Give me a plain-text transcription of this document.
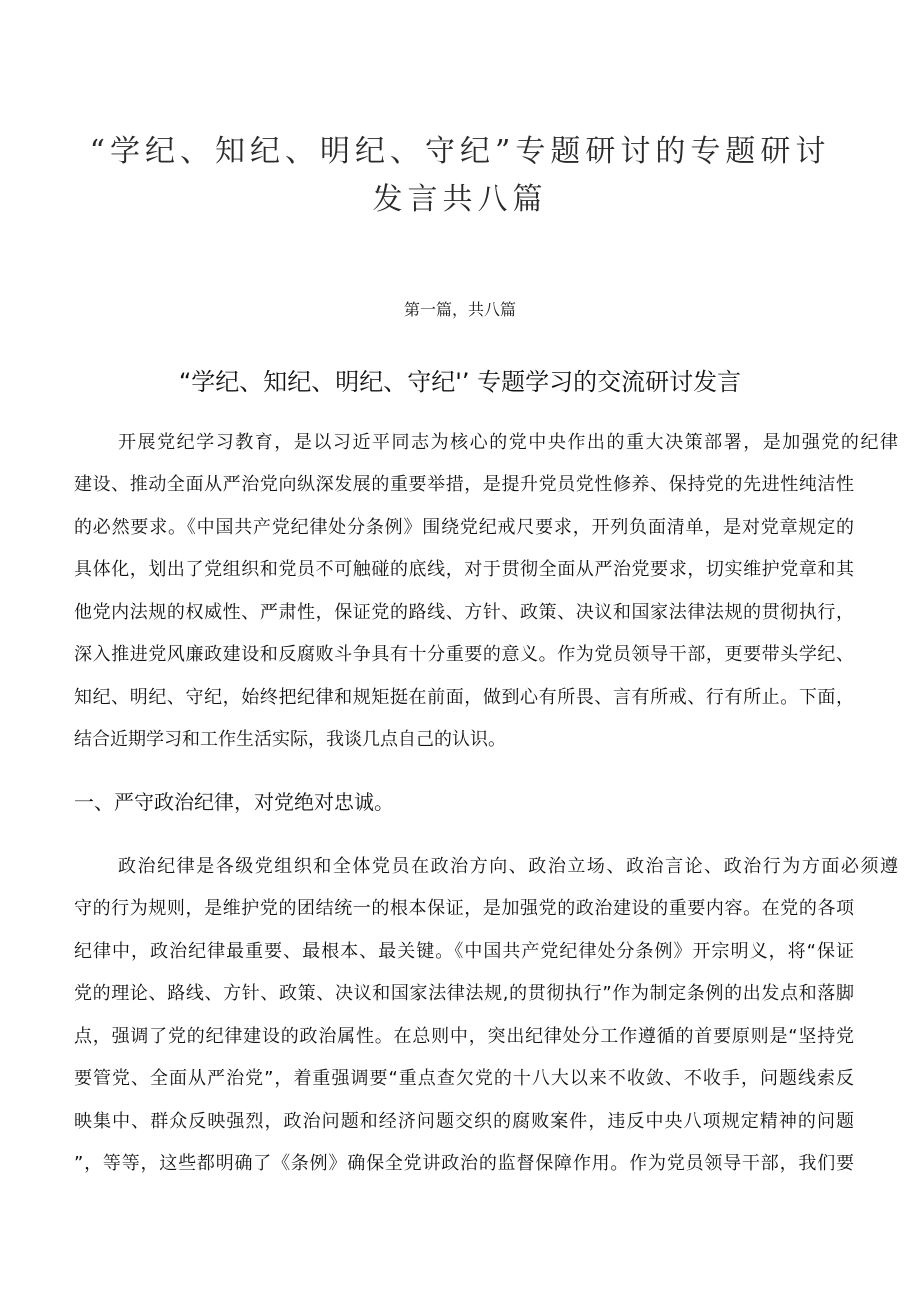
“学纪、知纪、明纪、守纪”专题研讨的专题研讨
发言共八篇
第一篇，共八篇
“学纪、知纪、明纪、守纪'’ 专题学习的交流研讨发言
开展党纪学习教育，是以习近平同志为核心的党中央作出的重大决策部署，是加强党的纪律
建设、推动全面从严治党向纵深发展的重要举措，是提升党员党性修养、保持党的先进性纯洁性
的必然要求。《中国共产党纪律处分条例》围绕党纪戒尺要求，开列负面清单，是对党章规定的
具体化，划出了党组织和党员不可触碰的底线，对于贯彻全面从严治党要求，切实维护党章和其
他党内法规的权威性、严肃性，保证党的路线、方针、政策、决议和国家法律法规的贯彻执行，
深入推进党风廉政建设和反腐败斗争具有十分重要的意义。作为党员领导干部，更要带头学纪、
知纪、明纪、守纪，始终把纪律和规矩挺在前面，做到心有所畏、言有所戒、行有所止。下面，
结合近期学习和工作生活实际，我谈几点自己的认识。
一、严守政治纪律，对党绝对忠诚。
政治纪律是各级党组织和全体党员在政治方向、政治立场、政治言论、政治行为方面必须遵
守的行为规则，是维护党的团结统一的根本保证，是加强党的政治建设的重要内容。在党的各项
纪律中，政治纪律最重要、最根本、最关键。《中国共产党纪律处分条例》开宗明义，将“保证
党的理论、路线、方针、政策、决议和国家法律法规,的贯彻执行”作为制定条例的出发点和落脚
点，强调了党的纪律建设的政治属性。在总则中，突出纪律处分工作遵循的首要原则是“坚持党
要管党、全面从严治党”，着重强调要“重点查欠党的十八大以来不收敛、不收手，问题线索反
映集中、群众反映强烈，政治问题和经济问题交织的腐败案件，违反中央八项规定精神的问题
”，等等，这些都明确了《条例》确保全党讲政治的监督保障作用。作为党员领导干部，我们要
